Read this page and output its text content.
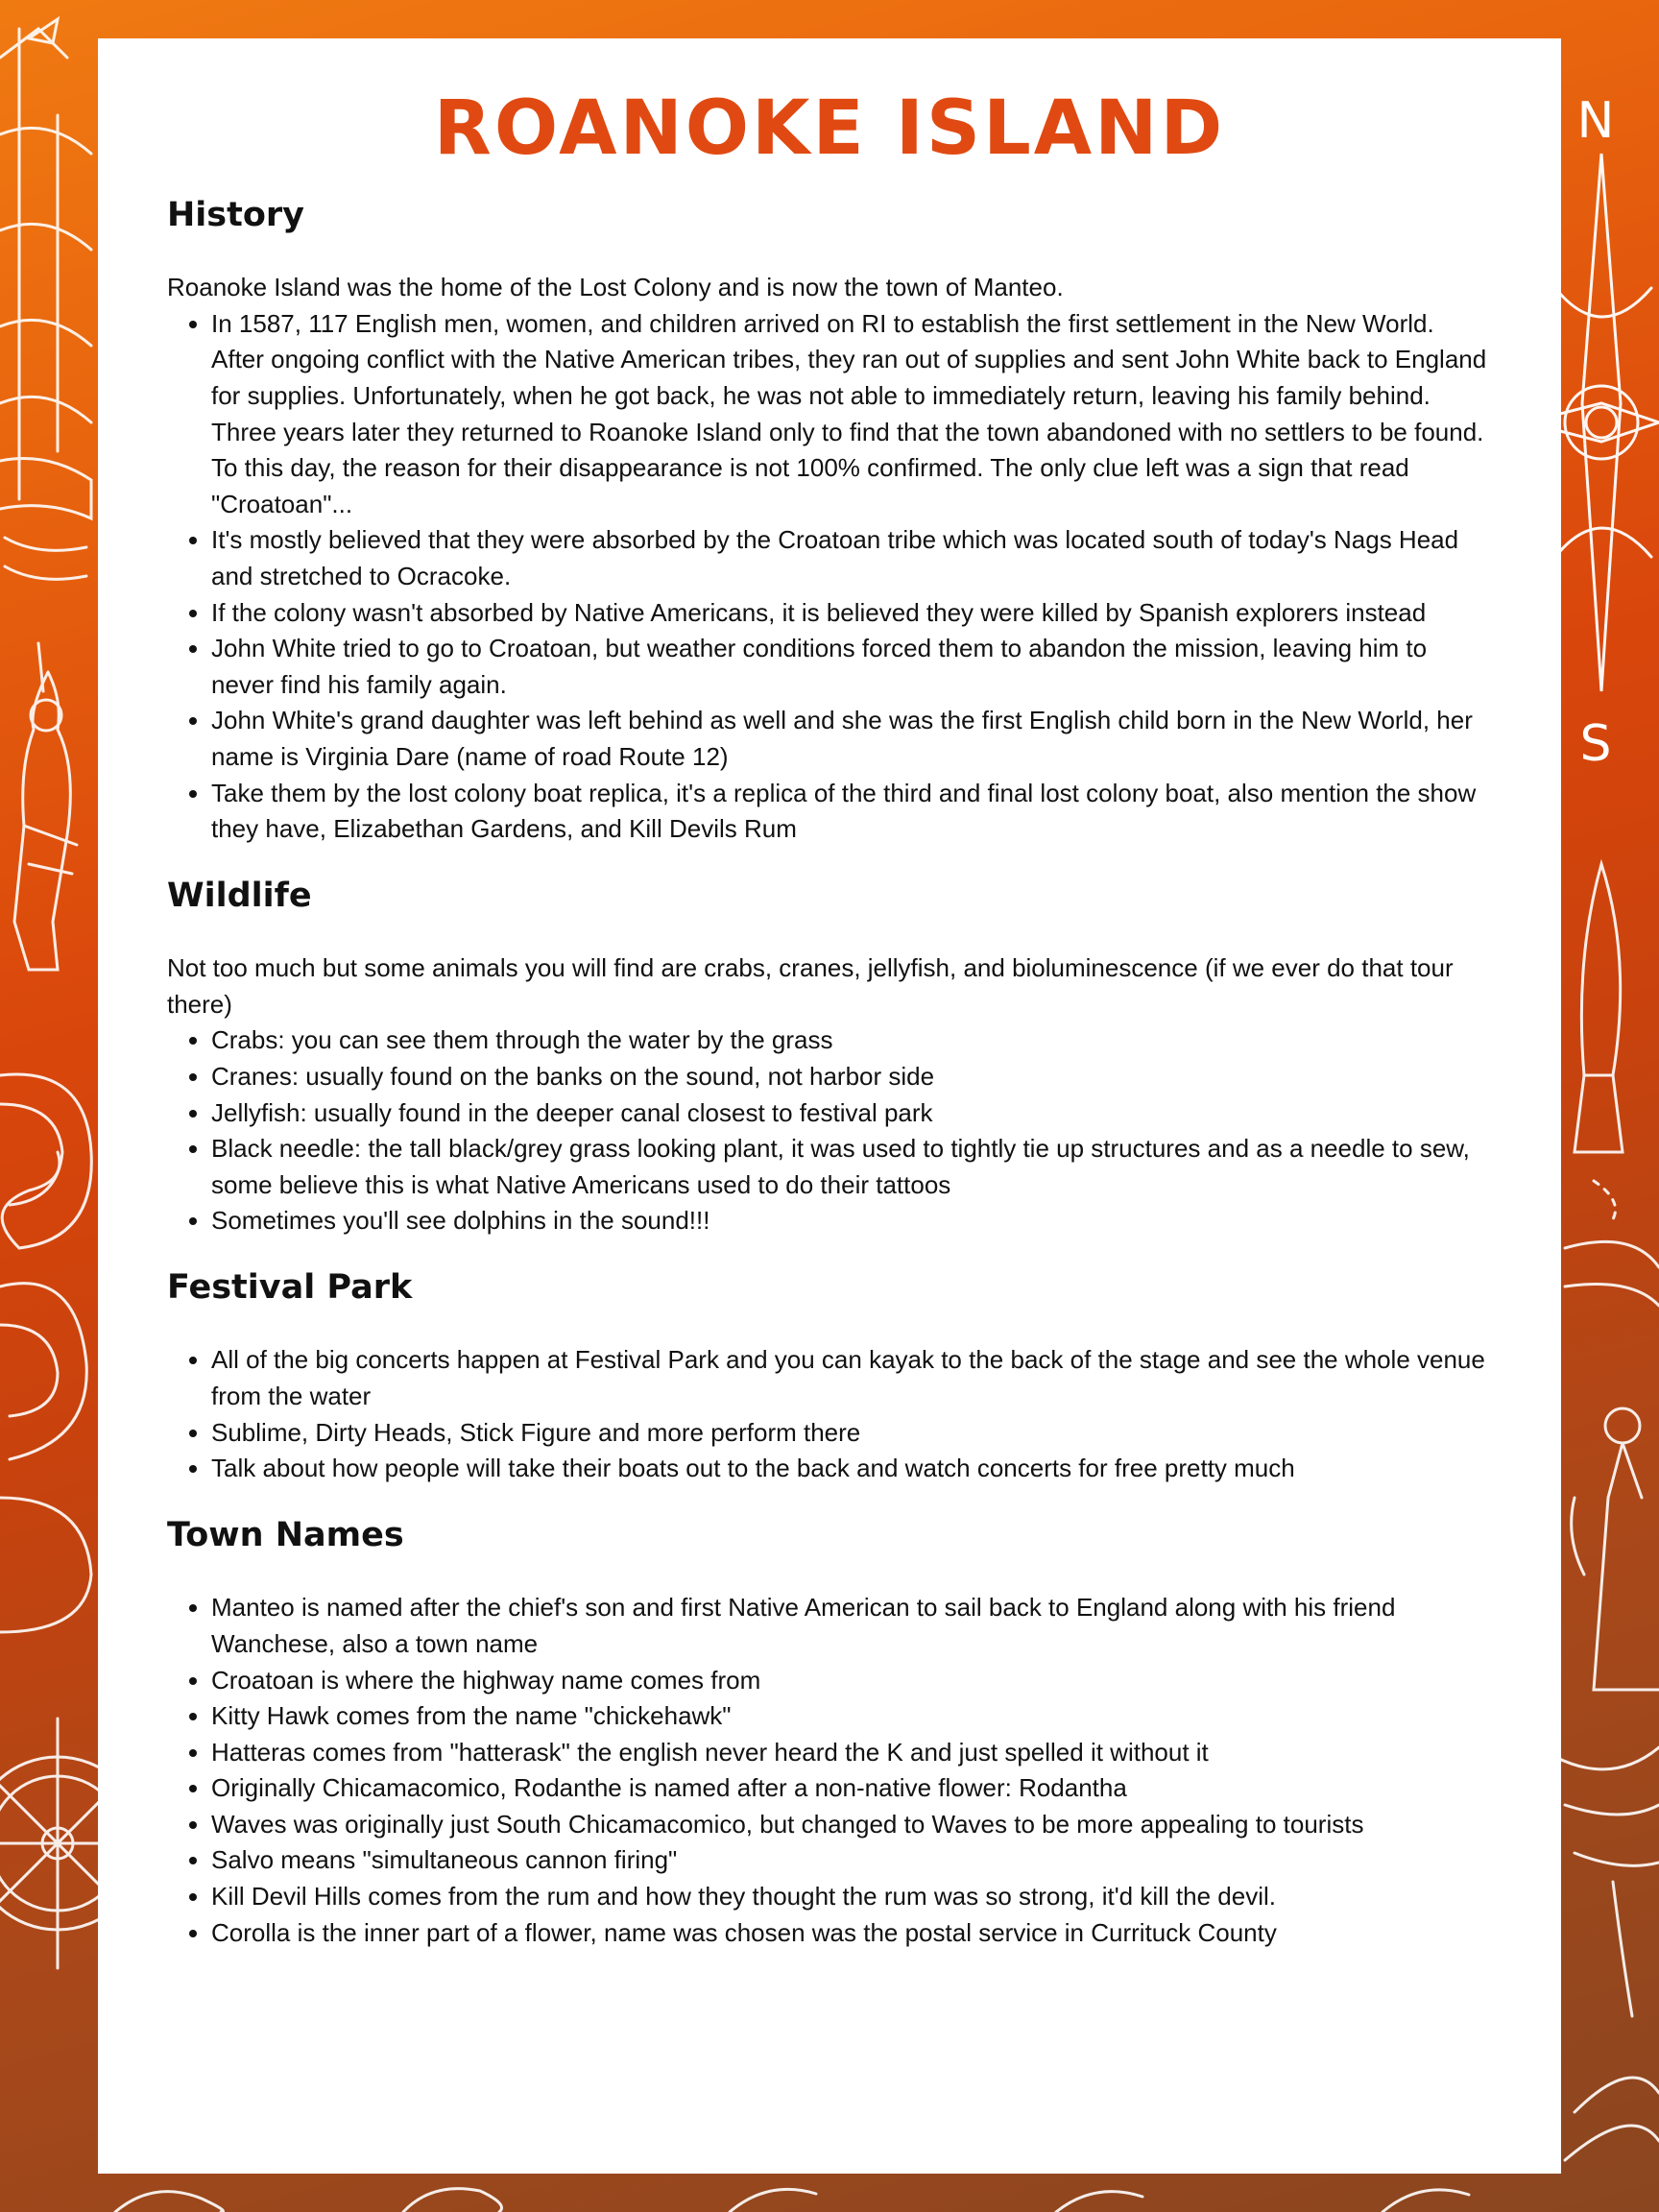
N
S
ROANOKE ISLAND
History

Roanoke Island was the home of the Lost Colony and is now the town of Manteo.

• In 1587, 117 English men, women, and children arrived on RI to establish the first settlement in the New World. After ongoing conflict with the Native American tribes, they ran out of supplies and sent John White back to England for supplies. Unfortunately, when he got back, he was not able to immediately return, leaving his family behind. Three years later they returned to Roanoke Island only to find that the town abandoned with no settlers to be found. To this day, the reason for their disappearance is not 100% confirmed. The only clue left was a sign that read "Croatoan"...
• It's mostly believed that they were absorbed by the Croatoan tribe which was located south of today's Nags Head and stretched to Ocracoke.
• If the colony wasn't absorbed by Native Americans, it is believed they were killed by Spanish explorers instead
• John White tried to go to Croatoan, but weather conditions forced them to abandon the mission, leaving him to never find his family again.
• John White's grand daughter was left behind as well and she was the first English child born in the New World, her name is Virginia Dare (name of road Route 12)
• Take them by the lost colony boat replica, it's a replica of the third and final lost colony boat, also mention the show they have, Elizabethan Gardens, and Kill Devils Rum
Wildlife

Not too much but some animals you will find are crabs, cranes, jellyfish, and bioluminescence (if we ever do that tour there)

• Crabs: you can see them through the water by the grass
• Cranes: usually found on the banks on the sound, not harbor side
• Jellyfish: usually found in the deeper canal closest to festival park
• Black needle: the tall black/grey grass looking plant, it was used to tightly tie up structures and as a needle to sew, some believe this is what Native Americans used to do their tattoos
• Sometimes you'll see dolphins in the sound!!!
Festival Park
• All of the big concerts happen at Festival Park and you can kayak to the back of the stage and see the whole venue from the water
• Sublime, Dirty Heads, Stick Figure and more perform there
• Talk about how people will take their boats out to the back and watch concerts for free pretty much
Town Names
• Manteo is named after the chief's son and first Native American to sail back to England along with his friend Wanchese, also a town name
• Croatoan is where the highway name comes from
• Kitty Hawk comes from the name "chickehawk"
• Hatteras comes from "hatterask" the english never heard the K and just spelled it without it
• Originally Chicamacomico, Rodanthe is named after a non-native flower: Rodantha
• Waves was originally just South Chicamacomico, but changed to Waves to be more appealing to tourists
• Salvo means "simultaneous cannon firing"
• Kill Devil Hills comes from the rum and how they thought the rum was so strong, it'd kill the devil.
• Corolla is the inner part of a flower, name was chosen was the postal service in Currituck County
